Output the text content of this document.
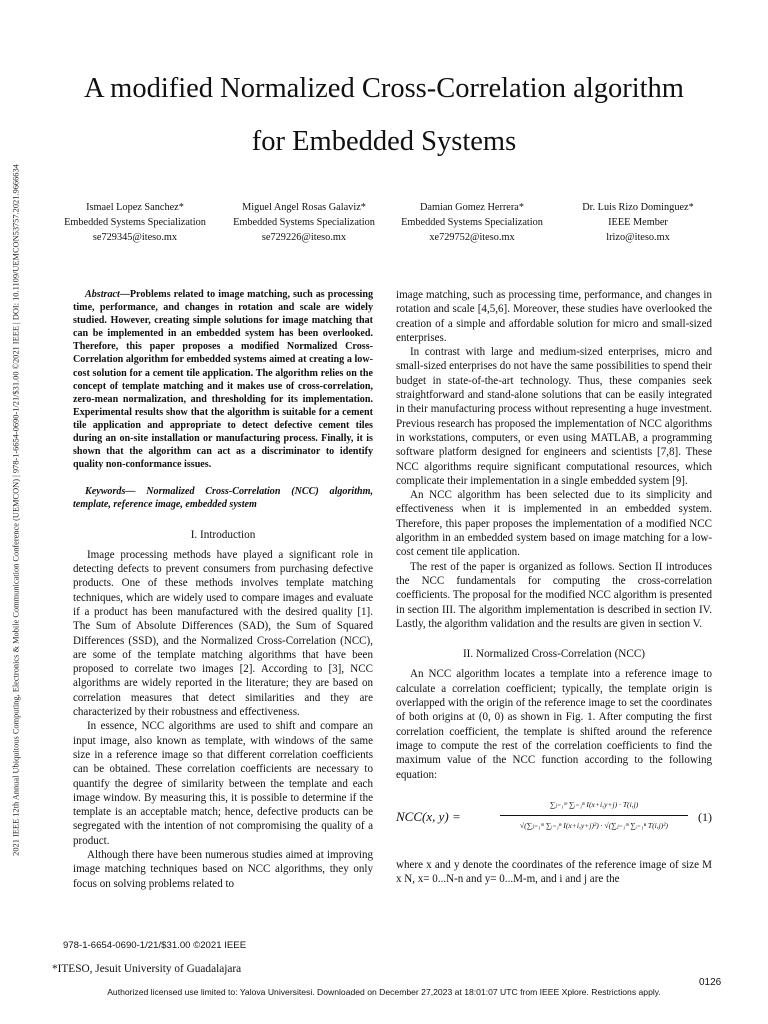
2021 IEEE 12th Annual Ubiquitous Computing, Electronics & Mobile Communication Conference (UEMCON) | 978-1-6654-0690-1/21/$31.00 ©2021 IEEE | DOI: 10.1109/UEMCON53757.2021.9666634
A modified Normalized Cross-Correlation algorithm
for Embedded Systems
Ismael Lopez Sanchez*
Embedded Systems Specialization
se729345@iteso.mx
Miguel Angel Rosas Galaviz*
Embedded Systems Specialization
se729226@iteso.mx
Damian Gomez Herrera*
Embedded Systems Specialization
xe729752@iteso.mx
Dr. Luis Rizo Dominguez*
IEEE Member
lrizo@iteso.mx

Abstract—Problems related to image matching, such as processing time, performance, and changes in rotation and scale are widely studied. However, creating simple solutions for image matching that can be implemented in an embedded system has been overlooked. Therefore, this paper proposes a modified Normalized Cross-Correlation algorithm for embedded systems aimed at creating a low-cost solution for a cement tile application. The algorithm relies on the concept of template matching and it makes use of cross-correlation, zero-mean normalization, and thresholding for its implementation. Experimental results show that the algorithm is suitable for a cement tile application and appropriate to detect defective cement tiles during an on-site installation or manufacturing process. Finally, it is shown that the algorithm can act as a discriminator to identify quality non-conformance issues.

Keywords— Normalized Cross-Correlation (NCC) algorithm, template, reference image, embedded system

I. Introduction

Image processing methods have played a significant role in detecting defects to prevent consumers from purchasing defective products. One of these methods involves template matching techniques, which are widely used to compare images and evaluate if a product has been manufactured with the desired quality [1]. The Sum of Absolute Differences (SAD), the Sum of Squared Differences (SSD), and the Normalized Cross-Correlation (NCC), are some of the template matching algorithms that have been proposed to correlate two images [2]. According to [3], NCC algorithms are widely reported in the literature; they are based on correlation measures that detect similarities and they are characterized by their robustness and effectiveness.

In essence, NCC algorithms are used to shift and compare an input image, also known as template, with windows of the same size in a reference image so that different correlation coefficients can be obtained. These correlation coefficients are necessary to quantify the degree of similarity between the template and each image window. By measuring this, it is possible to determine if the template is an acceptable match; hence, defective products can be segregated with the intention of not compromising the quality of a product.

Although there have been numerous studies aimed at improving image matching techniques based on NCC algorithms, they only focus on solving problems related to

image matching, such as processing time, performance, and changes in rotation and scale [4,5,6]. Moreover, these studies have overlooked the creation of a simple and affordable solution for micro and small-sized enterprises.

In contrast with large and medium-sized enterprises, micro and small-sized enterprises do not have the same possibilities to spend their budget in state-of-the-art technology. Thus, these companies seek straightforward and stand-alone solutions that can be easily integrated in their manufacturing process without representing a huge investment. Previous research has proposed the implementation of NCC algorithms in workstations, computers, or even using MATLAB, a programming software platform designed for engineers and scientists [7,8]. These NCC algorithms require significant computational resources, which complicate their implementation in a single embedded system [9].

An NCC algorithm has been selected due to its simplicity and effectiveness when it is implemented in an embedded system. Therefore, this paper proposes the implementation of a modified NCC algorithm in an embedded system based on image matching for a low-cost cement tile application.

The rest of the paper is organized as follows. Section II introduces the NCC fundamentals for computing the cross-correlation coefficients. The proposal for the modified NCC algorithm is presented in section III. The algorithm implementation is described in section IV. Lastly, the algorithm validation and the results are given in section V.

II. Normalized Cross-Correlation (NCC)

An NCC algorithm locates a template into a reference image to calculate a correlation coefficient; typically, the template origin is overlapped with the origin of the reference image to set the coordinates of both origins at (0, 0) as shown in Fig. 1. After computing the first correlation coefficient, the template is shifted around the reference image to compute the rest of the correlation coefficients to find the maximum value of the NCC function according to the following equation:

NCC(x, y) =	$\frac{\text{∑ⱼ₌₁ᵐ ∑ᵢ₌₁ⁿ I(x+i,y+j) · T(i,j)}}{\text{√(∑ⱼ₌₁ᵐ ∑ᵢ₌₁ⁿ I(x+i,y+j)²) · √(∑ⱼ₌₁ᵐ ∑ᵢ₌₁ⁿ T(i,j)²)}} (1)$

where x and y denote the coordinates of the reference image of size M x N, x= 0...N-n and y= 0...M-m, and i and j are the

978-1-6654-0690-1/21/$31.00 ©2021 IEEE
*ITESO, Jesuit University of Guadalajara
0126
Authorized licensed use limited to: Yalova Universitesi. Downloaded on December 27,2023 at 18:01:07 UTC from IEEE Xplore. Restrictions apply.
